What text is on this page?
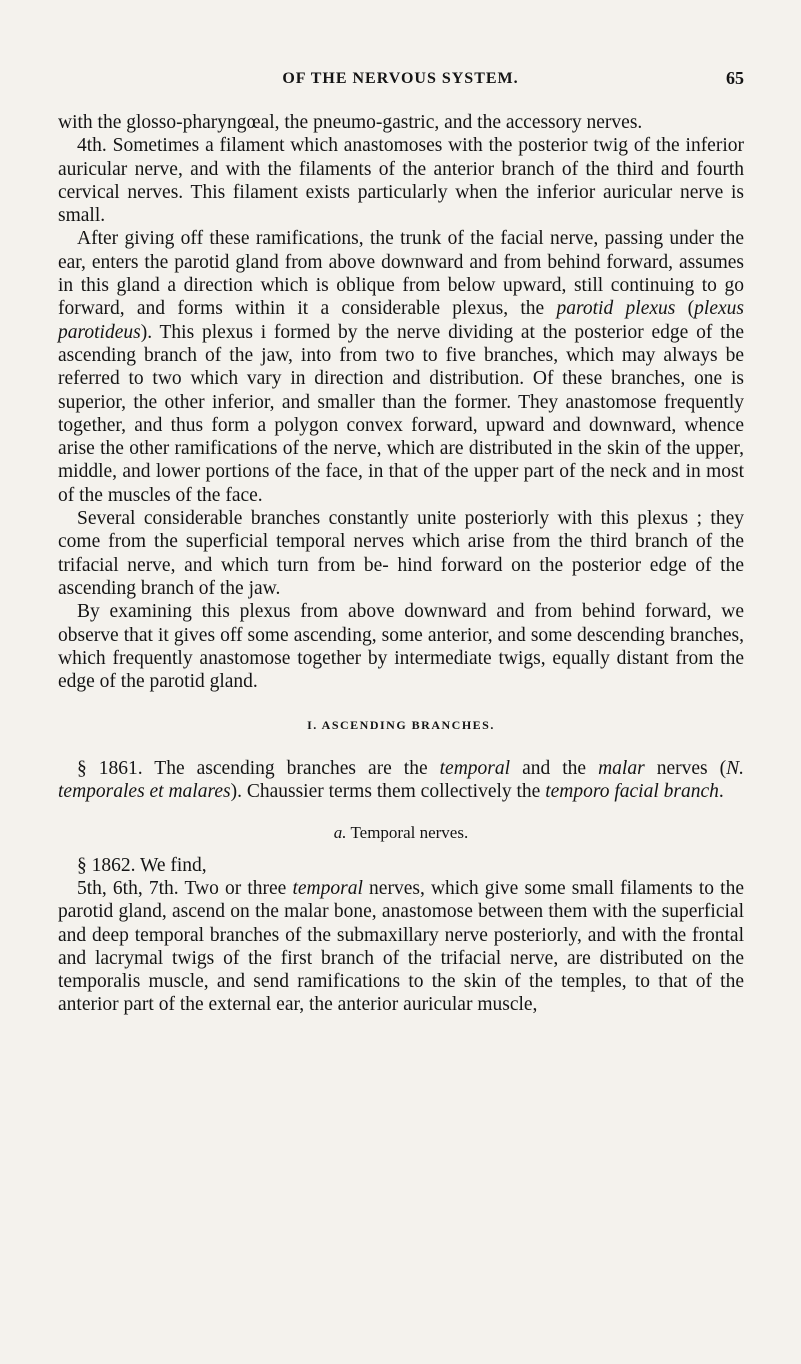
OF THE NERVOUS SYSTEM.	65

with the glosso-pharyngœal, the pneumo-gastric, and the accessory nerves.

4th. Sometimes a filament which anastomoses with the posterior twig of the inferior auricular nerve, and with the filaments of the anterior branch of the third and fourth cervical nerves. This filament exists particularly when the inferior auricular nerve is small.

After giving off these ramifications, the trunk of the facial nerve, passing under the ear, enters the parotid gland from above downward and from behind forward, assumes in this gland a direction which is oblique from below upward, still continuing to go forward, and forms within it a considerable plexus, the parotid plexus (plexus parotideus). This plexus i formed by the nerve dividing at the posterior edge of the ascending branch of the jaw, into from two to five branches, which may always be referred to two which vary in direction and distribution. Of these branches, one is superior, the other inferior, and smaller than the former. They anastomose frequently together, and thus form a polygon convex forward, upward and downward, whence arise the other ramifications of the nerve, which are distributed in the skin of the upper, middle, and lower portions of the face, in that of the upper part of the neck and in most of the muscles of the face.

Several considerable branches constantly unite posteriorly with this plexus ; they come from the superficial temporal nerves which arise from the third branch of the trifacial nerve, and which turn from be- hind forward on the posterior edge of the ascending branch of the jaw.

By examining this plexus from above downward and from behind forward, we observe that it gives off some ascending, some anterior, and some descending branches, which frequently anastomose together by intermediate twigs, equally distant from the edge of the parotid gland.

I. ASCENDING BRANCHES.

§ 1861. The ascending branches are the temporal and the malar nerves (N. temporales et malares). Chaussier terms them collectively the temporo facial branch.

a. Temporal nerves.

§ 1862. We find,

5th, 6th, 7th. Two or three temporal nerves, which give some small filaments to the parotid gland, ascend on the malar bone, anastomose between them with the superficial and deep temporal branches of the submaxillary nerve posteriorly, and with the frontal and lacrymal twigs of the first branch of the trifacial nerve, are distributed on the temporalis muscle, and send ramifications to the skin of the temples, to that of the anterior part of the external ear, the anterior auricular muscle,
